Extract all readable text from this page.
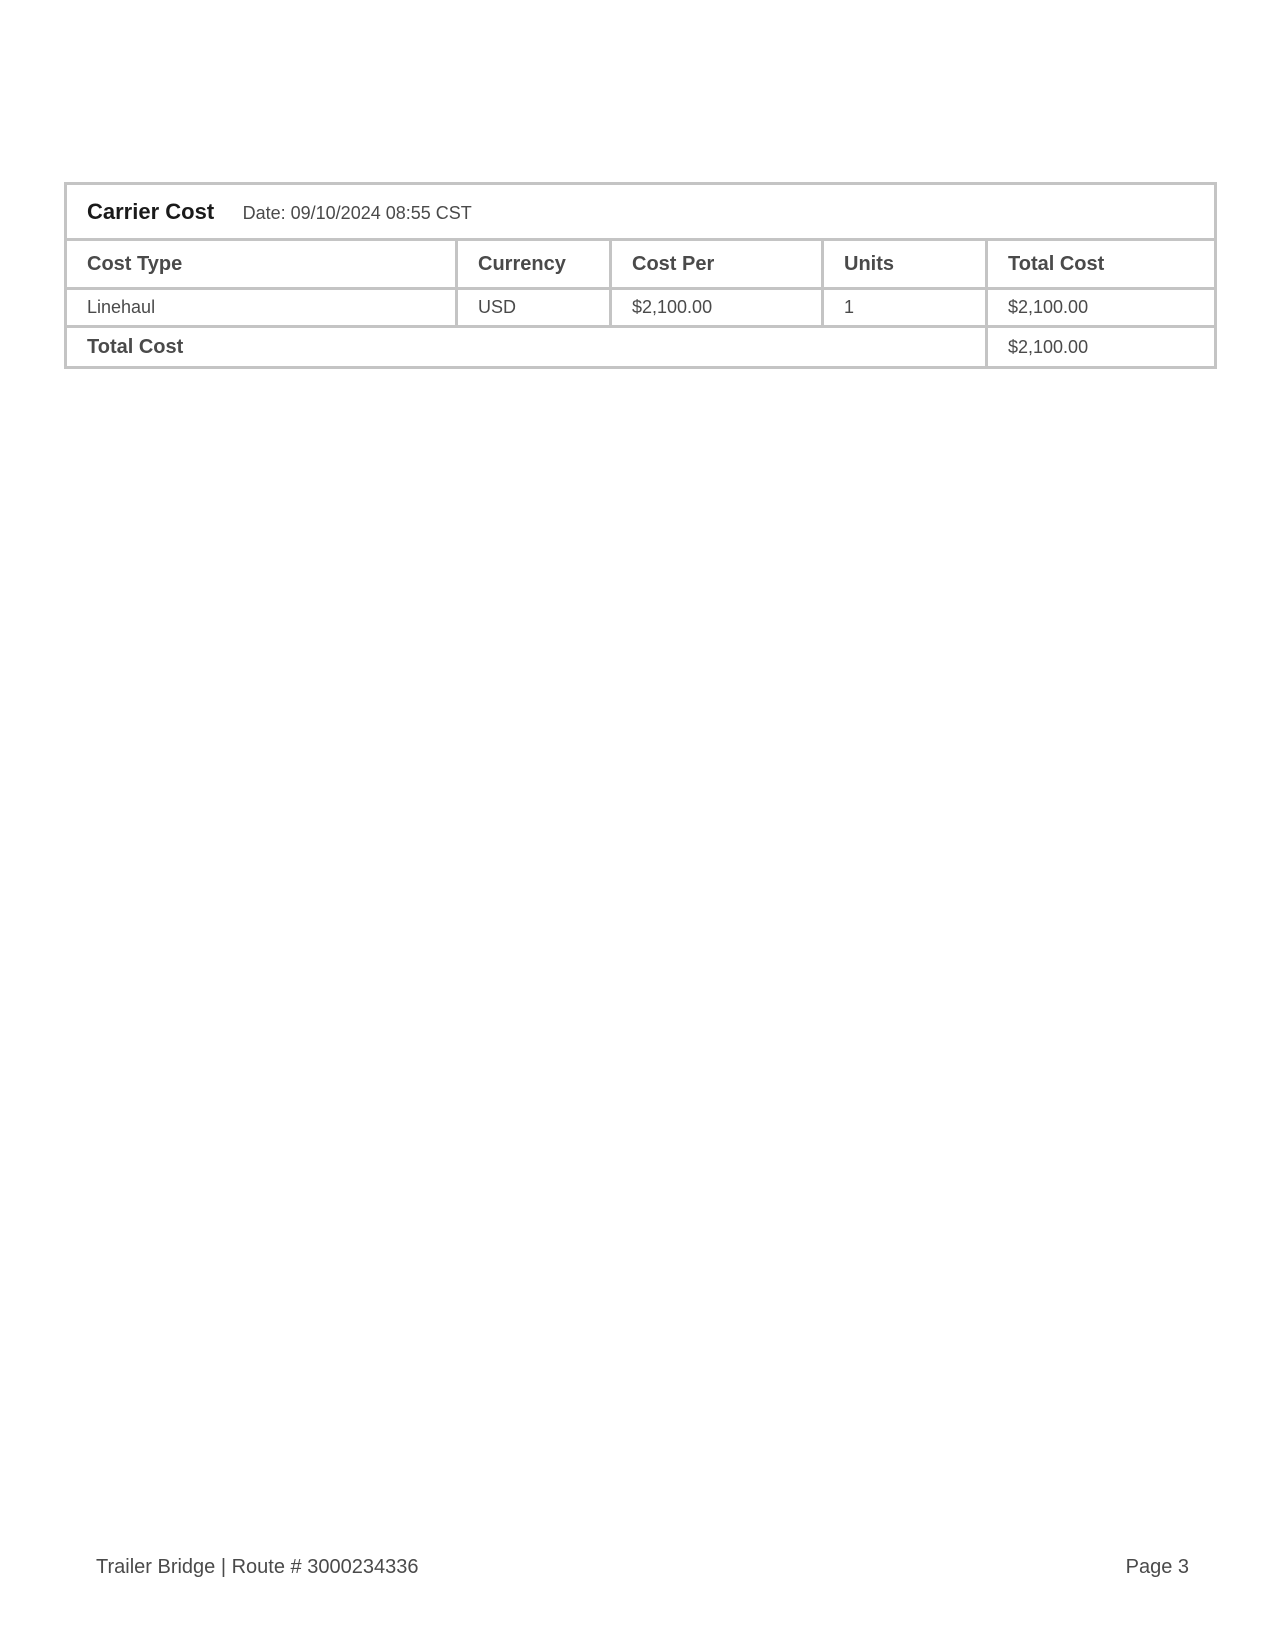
Carrier Cost Date: 09/10/2024 08:55 CST				
Cost Type	Currency	Cost Per	Units	Total Cost
Linehaul	USD	$2,100.00	1	$2,100.00
Total Cost				$2,100.00
Trailer Bridge | Route # 3000234336	Page 3
